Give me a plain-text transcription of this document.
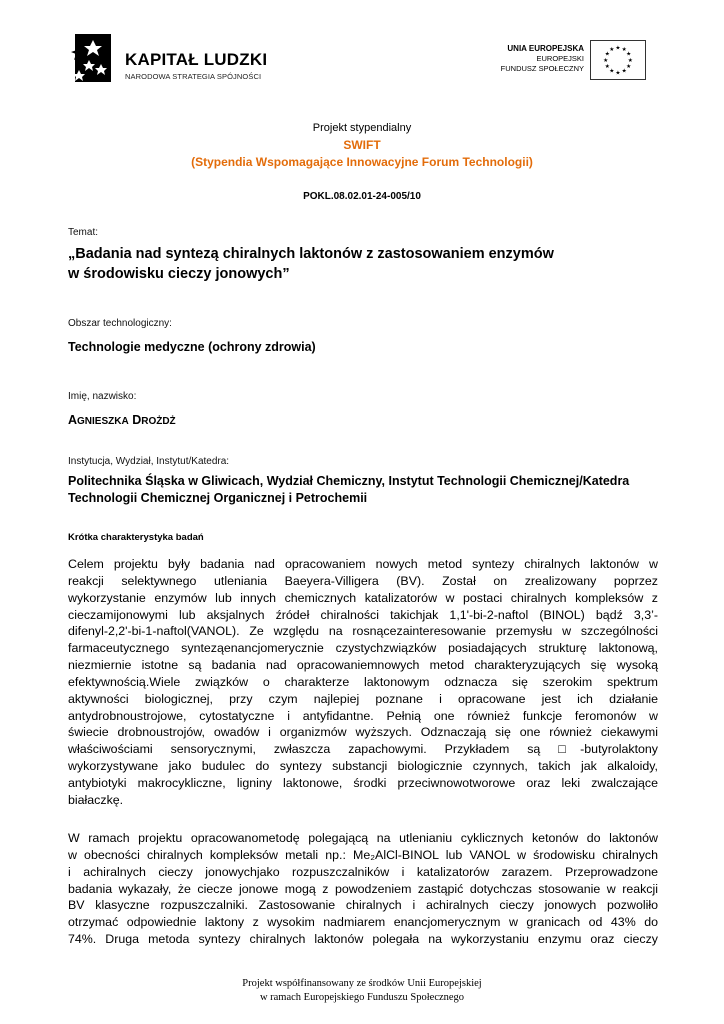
KAPITAŁ LUDZKI
NARODOWA STRATEGIA SPÓJNOŚCI
UNIA EUROPEJSKA
EUROPEJSKI
FUNDUSZ SPOŁECZNY
★ ★
★
★
★
★
★
★
★
★
★
★
Projekt stypendialny
SWIFT
(Stypendia Wspomagające Innowacyjne Forum Technologii)
POKL.08.02.01-24-005/10
Temat:
„Badania nad syntezą chiralnych laktonów z zastosowaniem enzymów
w środowisku cieczy jonowych”
Obszar technologiczny:
Technologie medyczne (ochrony zdrowia)
Imię, nazwisko:
AGNIESZKA DROŻDŻ
Instytucja, Wydział, Instytut/Katedra:
Politechnika Śląska w Gliwicach, Wydział Chemiczny, Instytut Technologii Chemicznej/Katedra
Technologii Chemicznej Organicznej i Petrochemii
Krótka charakterystyka badań
Celem projektu były badania nad opracowaniem nowych metod syntezy chiralnych laktonów w
reakcji selektywnego utleniania Baeyera-Villigera (BV). Został on zrealizowany poprzez
wykorzystanie enzymów lub innych chemicznych katalizatorów w postaci chiralnych kompleksów z
cieczamijonowymi lub aksjalnych źródeł chiralności takichjak 1,1'-bi-2-naftol (BINOL) bądź 3,3’-
difenyl-2,2'-bi-1-naftol(VANOL). Ze względu na rosnącezainteresowanie przemysłu w szczególności
farmaceutycznego synteząenancjomerycznie czystychzwiązków posiadających strukturę laktonową,
niezmiernie istotne są badania nad opracowaniemnowych metod charakteryzujących się wysoką
efektywnością.Wiele związków o charakterze laktonowym odznacza się szerokim spektrum
aktywności biologicznej, przy czym najlepiej poznane i opracowane jest ich działanie
antydrobnoustrojowe, cytostatyczne i antyfidantne. Pełnią one również funkcje feromonów w
świecie drobnoustrojów, owadów i organizmów wyższych. Odznaczają się one również ciekawymi
właściwościami sensorycznymi, zwłaszcza zapachowymi. Przykładem są □-butyrolaktony
wykorzystywane jako budulec do syntezy substancji biologicznie czynnych, takich jak alkaloidy,
antybiotyki makrocykliczne, ligniny laktonowe, środki przeciwnowotworowe oraz leki zwalczające
białaczkę.
W ramach projektu opracowanometodę polegającą na utlenianiu cyklicznych ketonów do laktonów
w obecności chiralnych kompleksów metali np.: Me₂AlCl-BINOL lub VANOL w środowisku chiralnych
i achiralnych cieczy jonowychjako rozpuszczalników i katalizatorów zarazem. Przeprowadzone
badania wykazały, że ciecze jonowe mogą z powodzeniem zastąpić dotychczas stosowanie w reakcji
BV klasyczne rozpuszczalniki. Zastosowanie chiralnych i achiralnych cieczy jonowych pozwoliło
otrzymać odpowiednie laktony z wysokim nadmiarem enancjomerycznym w granicach od 43% do
74%. Druga metoda syntezy chiralnych laktonów polegała na wykorzystaniu enzymu oraz cieczy
Projekt współfinansowany ze środków Unii Europejskiej
w ramach Europejskiego Funduszu Społecznego
